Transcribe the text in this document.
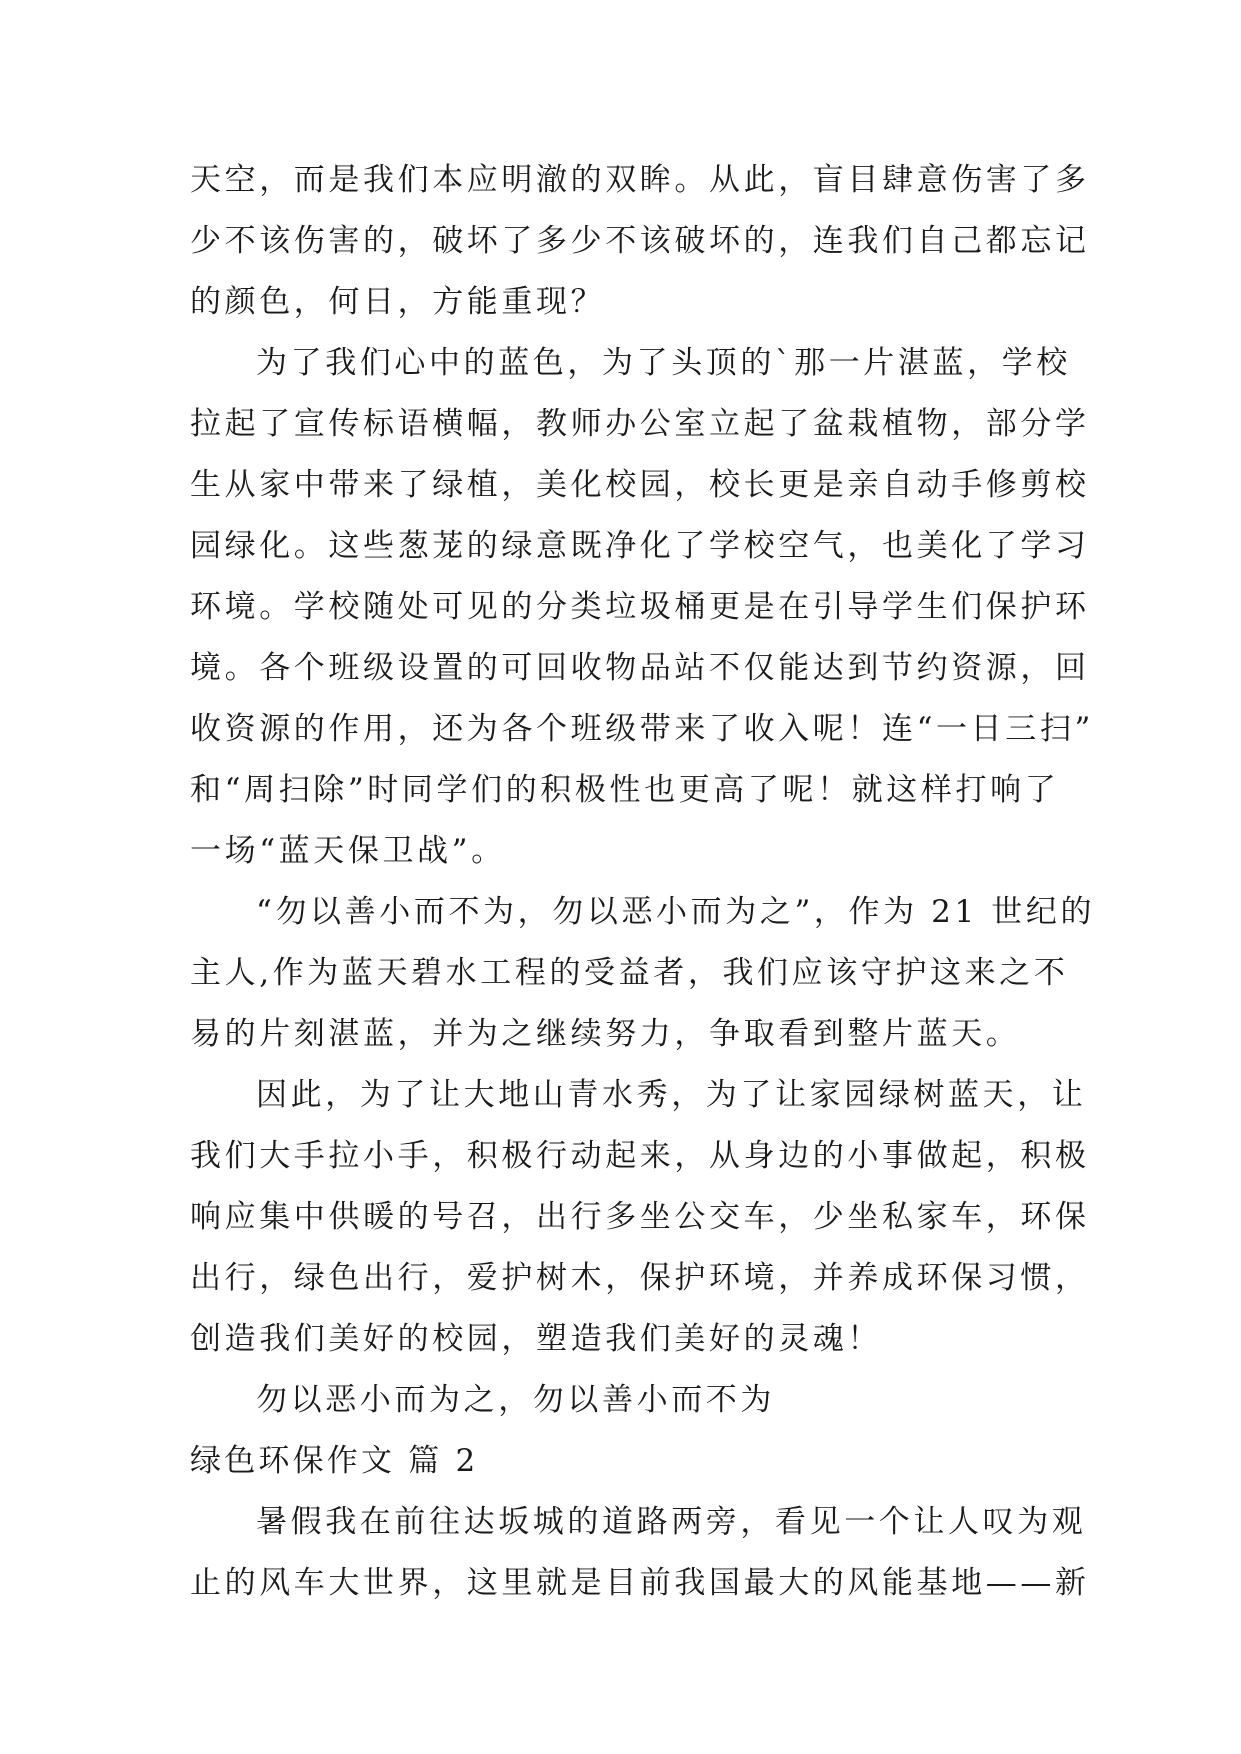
天空，而是我们本应明澈的双眸。从此，盲目肆意伤害了多
少不该伤害的，破坏了多少不该破坏的，连我们自己都忘记
的颜色，何日，方能重现？
为了我们心中的蓝色，为了头顶的`那一片湛蓝，学校
拉起了宣传标语横幅，教师办公室立起了盆栽植物，部分学
生从家中带来了绿植，美化校园，校长更是亲自动手修剪校
园绿化。这些葱茏的绿意既净化了学校空气，也美化了学习
环境。学校随处可见的分类垃圾桶更是在引导学生们保护环
境。各个班级设置的可回收物品站不仅能达到节约资源，回
收资源的作用，还为各个班级带来了收入呢！连“一日三扫”
和“周扫除”时同学们的积极性也更高了呢！就这样打响了
一场“蓝天保卫战”。
“勿以善小而不为，勿以恶小而为之”，作为 21 世纪的
主人,作为蓝天碧水工程的受益者，我们应该守护这来之不
易的片刻湛蓝，并为之继续努力，争取看到整片蓝天。
因此，为了让大地山青水秀，为了让家园绿树蓝天，让
我们大手拉小手，积极行动起来，从身边的小事做起，积极
响应集中供暖的号召，出行多坐公交车，少坐私家车，环保
出行，绿色出行，爱护树木，保护环境，并养成环保习惯，
创造我们美好的校园，塑造我们美好的灵魂！
勿以恶小而为之，勿以善小而不为
绿色环保作文 篇 2
暑假我在前往达坂城的道路两旁，看见一个让人叹为观
止的风车大世界，这里就是目前我国最大的风能基地——新
